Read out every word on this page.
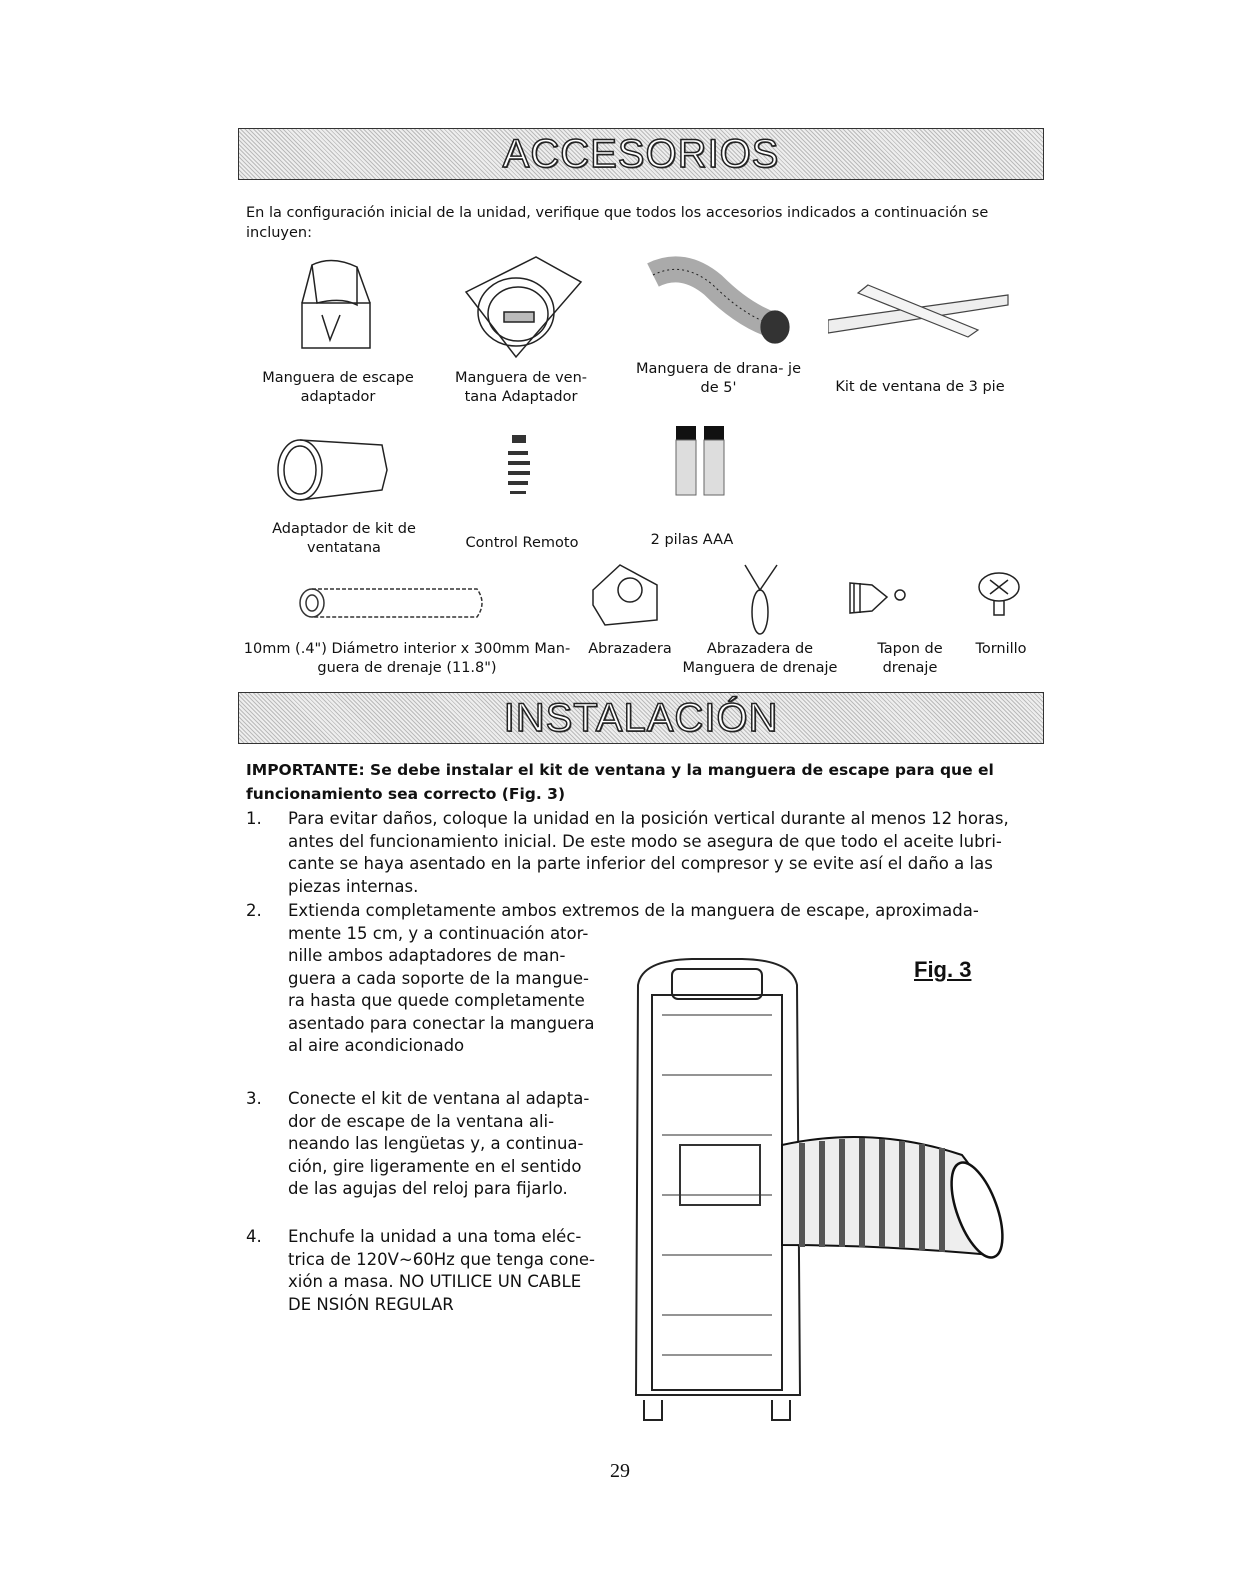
ACCESORIOS
En la configuración inicial de la unidad, verifique que todos los accesorios indicados a continuación se incluyen:
Manguera de escape adaptador
Manguera de ven- tana Adaptador
Manguera de drana- je de 5'	Kit de ventana de 3 pie
Adaptador de kit de ventatana	Control Remoto	2 pilas AAA
10mm (.4") Diámetro interior x 300mm Man- guera de drenaje (11.8")
Abrazadera	Abrazadera de Manguera de drenaje
Tapon de drenaje
Tornillo
INSTALACIÓN
IMPORTANTE: Se debe instalar el kit de ventana y la manguera de escape para que el funcionamiento sea correcto (Fig. 3)
1. Para evitar daños, coloque la unidad en la posición vertical durante al menos 12 horas,
antes del funcionamiento inicial. De este modo se asegura de que todo el aceite lubri-
cante se haya asentado en la parte inferior del compresor y se evite así el daño a las
piezas internas.
2. Extienda completamente ambos extremos de la manguera de escape, aproximada-
mente 15 cm, y a continuación ator-
nille ambos adaptadores de man-
guera a cada soporte de la mangue-
ra hasta que quede completamente
asentado para conectar la manguera
al aire acondicionado
3. Conecte el kit de ventana al adapta-
dor de escape de la ventana ali-
neando las lengüetas y, a continua-
ción, gire ligeramente en el sentido
de las agujas del reloj para fijarlo.
4. Enchufe la unidad a una toma eléc-
trica de 120V~60Hz que tenga cone-
xión a masa. NO UTILICE UN CABLE
DE NSIÓN REGULAR
Fig. 3
29
